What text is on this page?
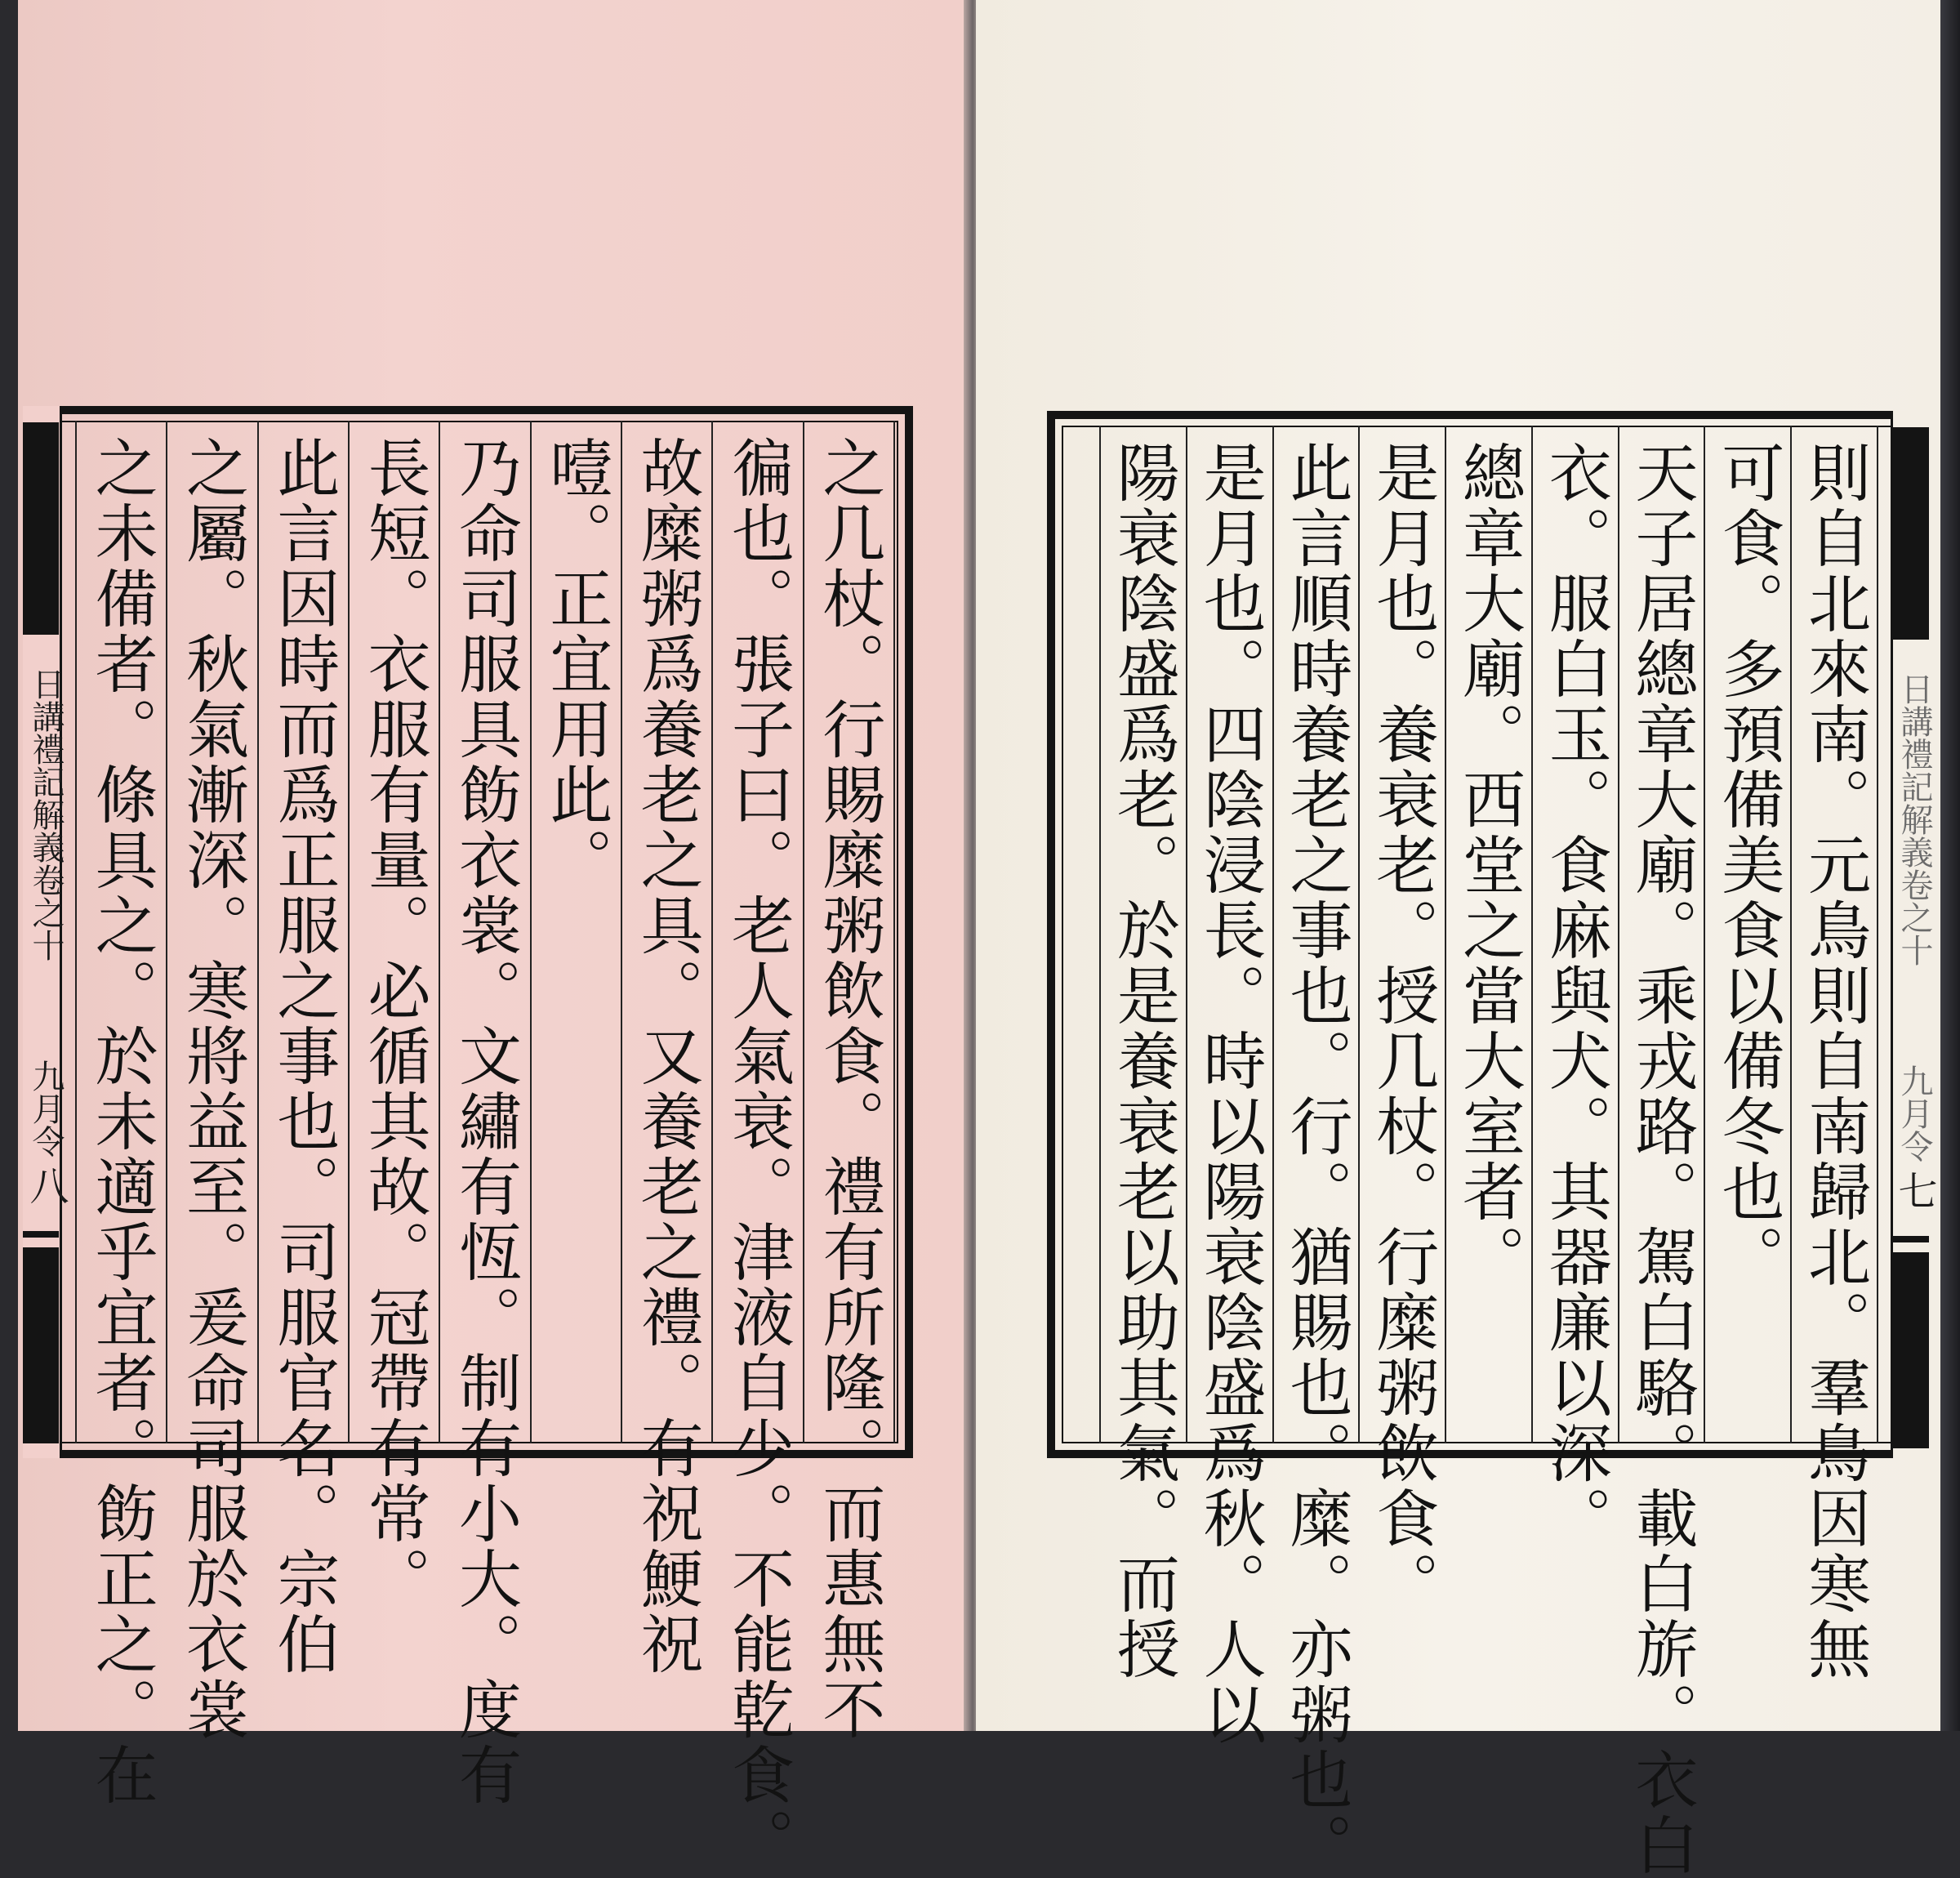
之几杖。行賜糜粥飲食。禮有所隆。而惠無不
徧也。張子曰。老人氣衰。津液自少。不能乾食。
故糜粥爲養老之具。又養老之禮。有祝鯁祝
噎。正宜用此。
乃命司服具飭衣裳。文繡有恆。制有小大。度有
長短。衣服有量。必循其故。冠帶有常。
此言因時而爲正服之事也。司服官名。宗伯
之屬。秋氣漸深。寒將益至。爰命司服於衣裳
之未備者。條具之。於未適乎宜者。飭正之。在
日講禮記解義卷之十
九月令
八	則自北來南。元鳥則自南歸北。羣鳥因寒無
可食。多預備美食以備冬也。
天子居總章大廟。乘戎路。駕白駱。載白旂。衣白
衣。服白玉。食麻與犬。其器廉以深。
總章大廟。西堂之當大室者。
是月也。養衰老。授几杖。行糜粥飲食。
此言順時養老之事也。行。猶賜也。糜。亦粥也。
是月也。四陰浸長。時以陽衰陰盛爲秋。人以
陽衰陰盛爲老。於是養衰老以助其氣。而授	日講禮記解義卷之十
九月令
七
